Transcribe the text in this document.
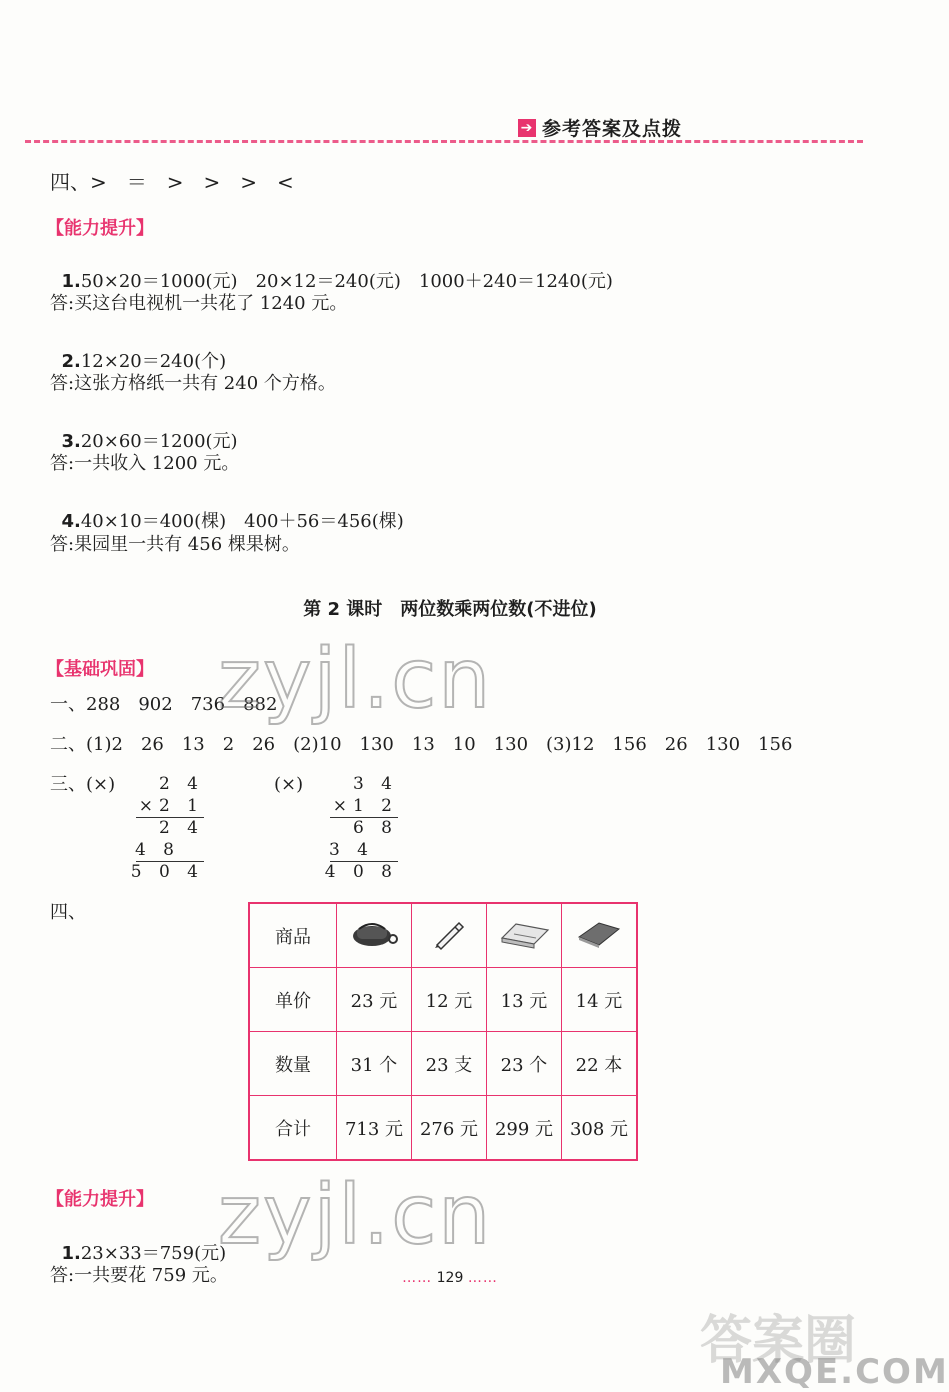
➔ 参考答案及点拨
四、>　＝　>　>　>　<
【能力提升】

1.50×20＝1000(元)　20×12＝240(元)　1000＋240＝1240(元)

答:买这台电视机一共花了 1240 元。

2.12×20＝240(个)

答:这张方格纸一共有 240 个方格。

3.20×60＝1200(元)

答:一共收入 1200 元。

4.40×10＝400(棵)　400＋56＝456(棵)

答:果园里一共有 456 棵果树。
第 2 课时　两位数乘两位数(不进位)
【基础巩固】
一、288　902　736　882
二、(1)2　26　13　2　26　(2)10　130　13　10　130　(3)12　156　26　130　156
三、(×)	2 4
×2 1
2 4
4 8
5 0 4
(×)	3 4
×1 2
6 8
3 4
4 0 8
四、
商品				
单价	23 元	12 元	13 元	14 元
数量	31 个	23 支	23 个	22 本
合计	713 元	276 元	299 元	308 元
【能力提升】

1.23×33＝759(元)

答:一共要花 759 元。	…… 129 ……
zyjl.cn
zyjl.cn
答案圈
MXQE.COM
